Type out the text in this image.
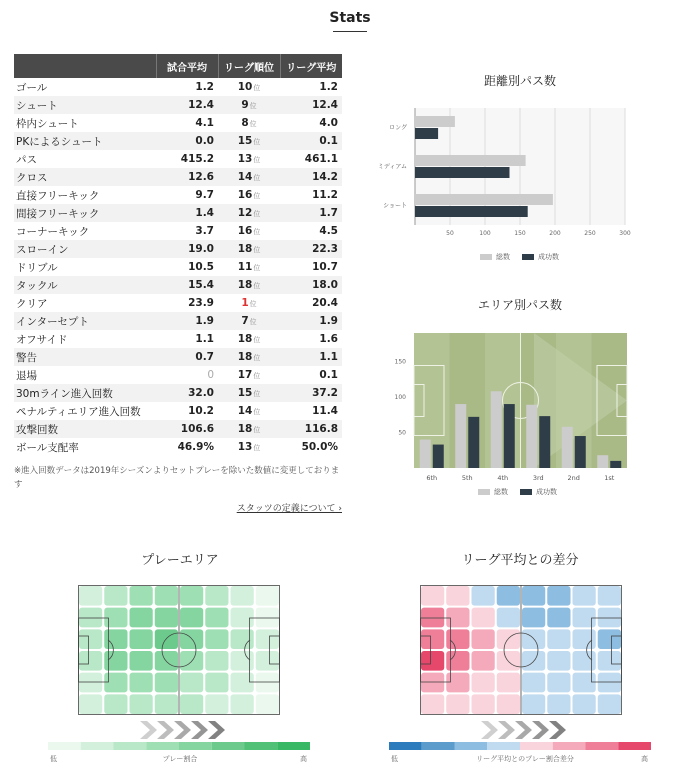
Stats
	試合平均	リーグ順位	リーグ平均
ゴール	1.2	10位	1.2
シュート	12.4	9位	12.4
枠内シュート	4.1	8位	4.0
PKによるシュート	0.0	15位	0.1
パス	415.2	13位	461.1
クロス	12.6	14位	14.2
直接フリーキック	9.7	16位	11.2
間接フリーキック	1.4	12位	1.7
コーナーキック	3.7	16位	4.5
スローイン	19.0	18位	22.3
ドリブル	10.5	11位	10.7
タックル	15.4	18位	18.0
クリア	23.9	1位	20.4
インターセプト	1.9	7位	1.9
オフサイド	1.1	18位	1.6
警告	0.7	18位	1.1
退場	0	17位	0.1
30mライン進入回数	32.0	15位	37.2
ペナルティエリア進入回数	10.2	14位	11.4
攻撃回数	106.6	18位	116.8
ボール支配率	46.9%	13位	50.0%
※進入回数データは2019年シーズンよりセットプレーを除いた数値に変更しております
スタッツの定義について ›
距離別パス数
50	100	150	200	250	300
ロング
ミディアム
ショート
総数	成功数
エリア別パス数
50
100
150
6th	5th	4th	3rd	2nd	1st
総数	成功数
プレーエリア
低	プレー割合	高
リーグ平均との差分
低	リーグ平均とのプレー割合差分	高
